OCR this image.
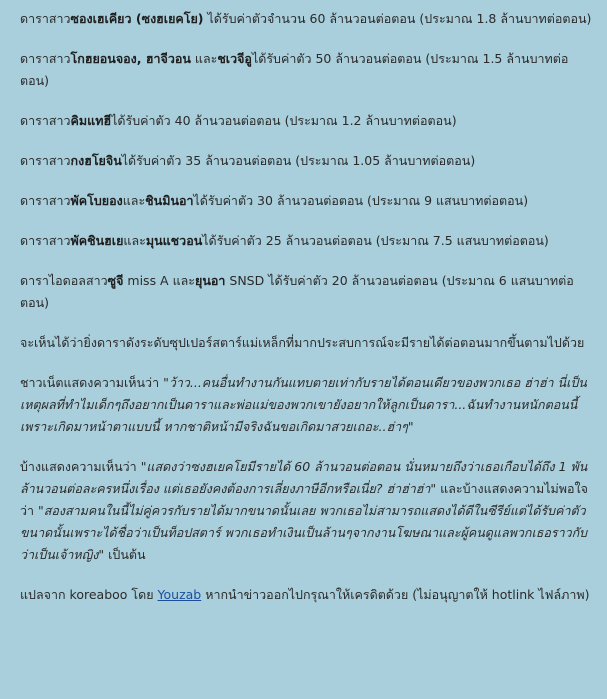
ดาราสาวซองเฮเคียว (ซงฮเยคโย) ได้รับค่าตัวจำนวน 60 ล้านวอนต่อตอน (ประมาณ 1.8 ล้านบาทต่อตอน)

ดาราสาวโกฮยอนจอง, ฮาจีวอน และชเวจีอูได้รับค่าตัว 50 ล้านวอนต่อตอน (ประมาณ 1.5 ล้านบาทต่อตอน)

ดาราสาวคิมแทฮีได้รับค่าตัว 40 ล้านวอนต่อตอน (ประมาณ 1.2 ล้านบาทต่อตอน)

ดาราสาวกงฮโยจินได้รับค่าตัว 35 ล้านวอนต่อตอน (ประมาณ 1.05 ล้านบาทต่อตอน)

ดาราสาวพัคโบยองและชินมินอาได้รับค่าตัว 30 ล้านวอนต่อตอน (ประมาณ 9 แสนบาทต่อตอน)

ดาราสาวพัคชินฮเยและมุนแชวอนได้รับค่าตัว 25 ล้านวอนต่อตอน (ประมาณ 7.5 แสนบาทต่อตอน)

ดาราไอดอลสาวซูจี miss A และยุนอา SNSD ได้รับค่าตัว 20 ล้านวอนต่อตอน (ประมาณ 6 แสนบาทต่อตอน)

จะเห็นได้ว่ายิ่งดาราดังระดับซุปเปอร์สตาร์แม่เหล็กที่มากประสบการณ์จะมีรายได้ต่อตอนมากขึ้นตามไปด้วย

ชาวเน็ตแสดงความเห็นว่า "ว้าว...คนอื่นทำงานกันแทบตายเท่ากับรายได้ตอนเดียวของพวกเธอ ฮ่าฮ่า นี่เป็นเหตุผลที่ทำไมเด็กๆถึงอยากเป็นดาราและพ่อแม่ของพวกเขายังอยากให้ลูกเป็นดารา...ฉันทำงานหนักตอนนี้เพราะเกิดมาหน้าตาแบบนี้ หากชาติหน้ามีจริงฉันขอเกิดมาสวยเถอะ..ฮ่าๆ"

บ้างแสดงความเห็นว่า "แสดงว่าซงฮเยคโยมีรายได้ 60 ล้านวอนต่อตอน นั่นหมายถึงว่าเธอเกือบได้ถึง 1 พันล้านวอนต่อละครหนึ่งเรื่อง แต่เธอยังคงต้องการเลี่ยงภาษีอีกหรือเนี่ย? ฮ่าฮ่าฮ่า" และบ้างแสดงความไม่พอใจว่า "สองสามคนในนี้ไม่คู่ควรกับรายได้มากขนาดนั้นเลย พวกเธอไม่สามารถแสดงได้ดีในซีรีย์แต่ได้รับค่าตัวขนาดนั้นเพราะได้ชื่อว่าเป็นท็อปสตาร์ พวกเธอทำเงินเป็นล้านๆจากงานโฆษณาและผู้คนดูแลพวกเธอราวกับว่าเป็นเจ้าหญิง" เป็นต้น

แปลจาก koreaboo โดย Youzab หากนำข่าวออกไปกรุณาให้เครดิตด้วย (ไม่อนุญาตให้ hotlink ไฟล์ภาพ)
